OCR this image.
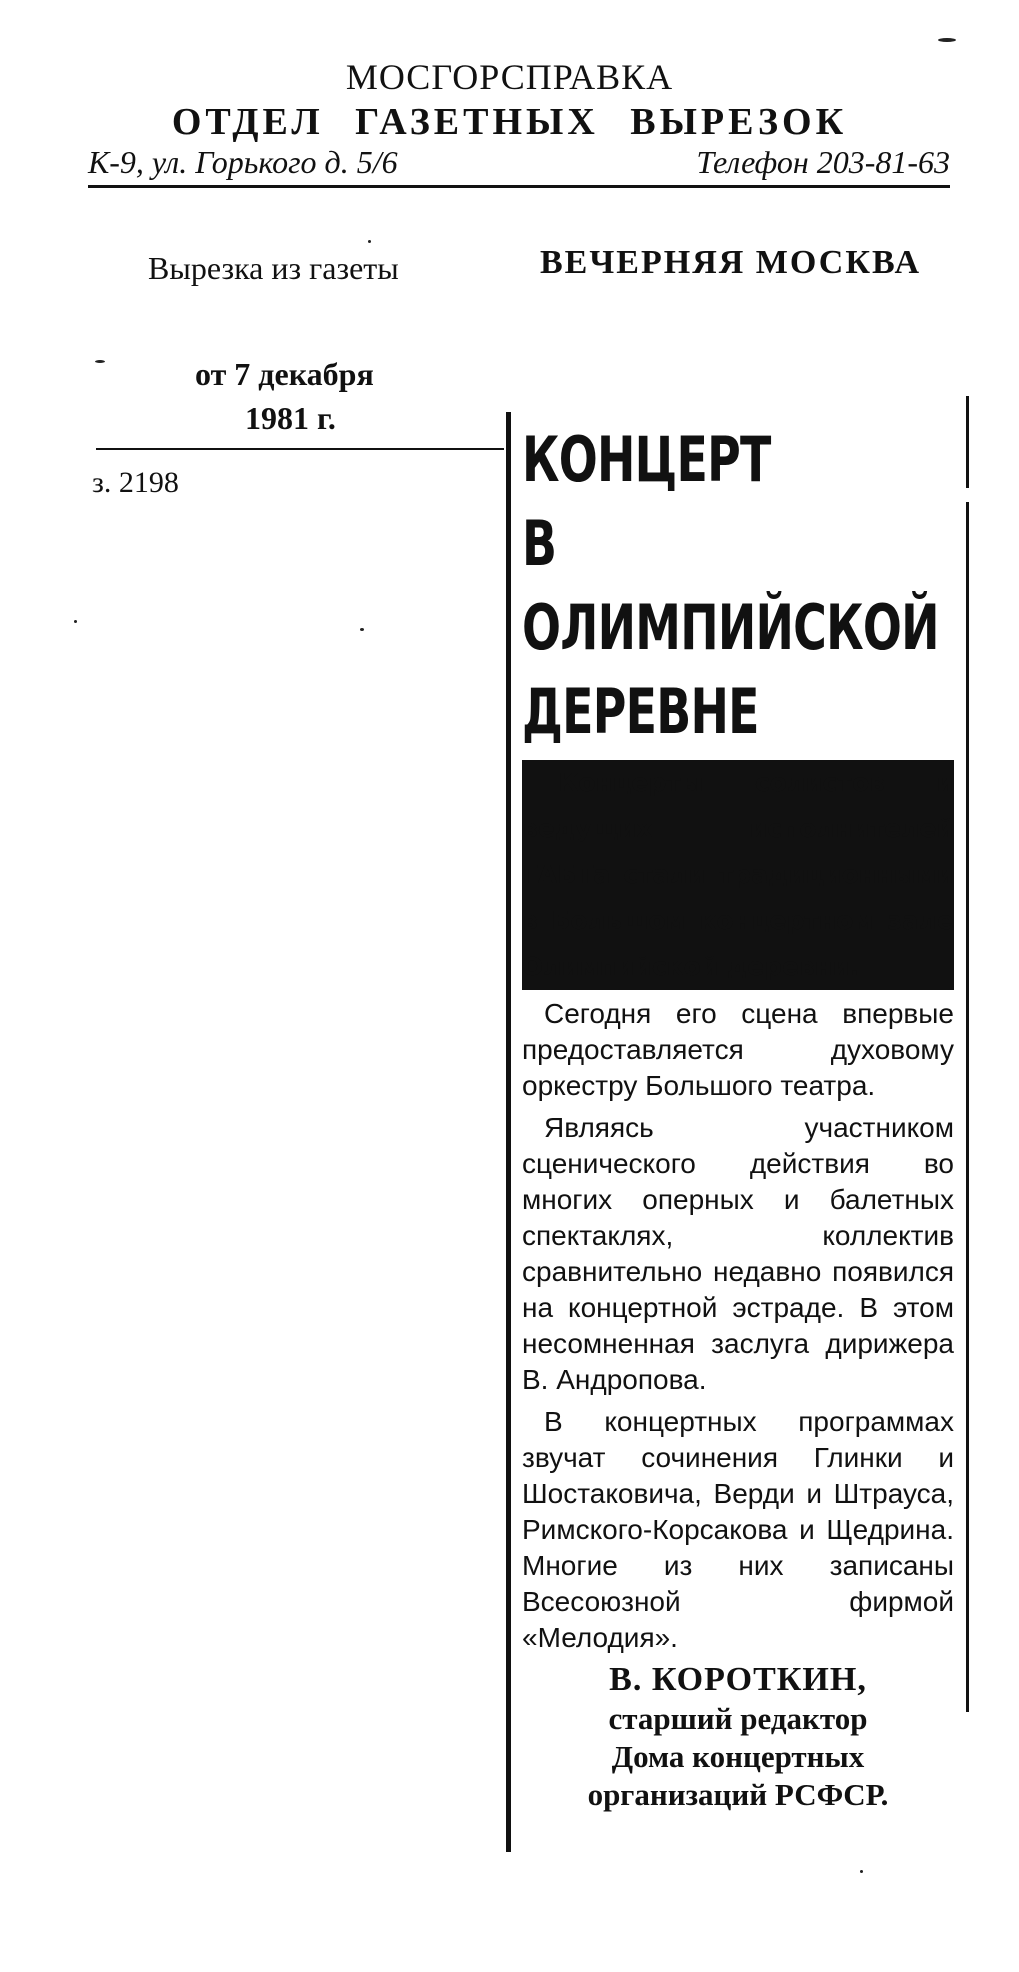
МОСГОРСПРАВКА
ОТДЕЛ ГАЗЕТНЫХ ВЫРЕЗОК
К-9, ул. Горького д. 5/6	Телефон 203-81-63
Вырезка из газеты	ВЕЧЕРНЯЯ МОСКВА
от 7 декабря
1981 г.
з. 2198	КОНЦЕРТ
В ОЛИМПИЙСКОЙ
ДЕРЕВНЕ

Концерты солистов и ведущих исполнителей ГАБТа стали традиционными в Большом концертном зале Олимпийской деревни.

Сегодня его сцена впервые предоставляется духовому оркестру Большого театра.

Являясь участником сценического действия во многих оперных и балетных спектаклях, коллектив сравнительно недавно появился на концертной эстраде. В этом несомненная заслуга дирижера В. Андропова.

В концертных программах звучат сочинения Глинки и Шостаковича, Верди и Штрауса, Римского-Корсакова и Щедрина. Многие из них записаны Всесоюзной фирмой «Мелодия».

В. КОРОТКИН,
старший редактор
Дома концертных
организаций РСФСР.
